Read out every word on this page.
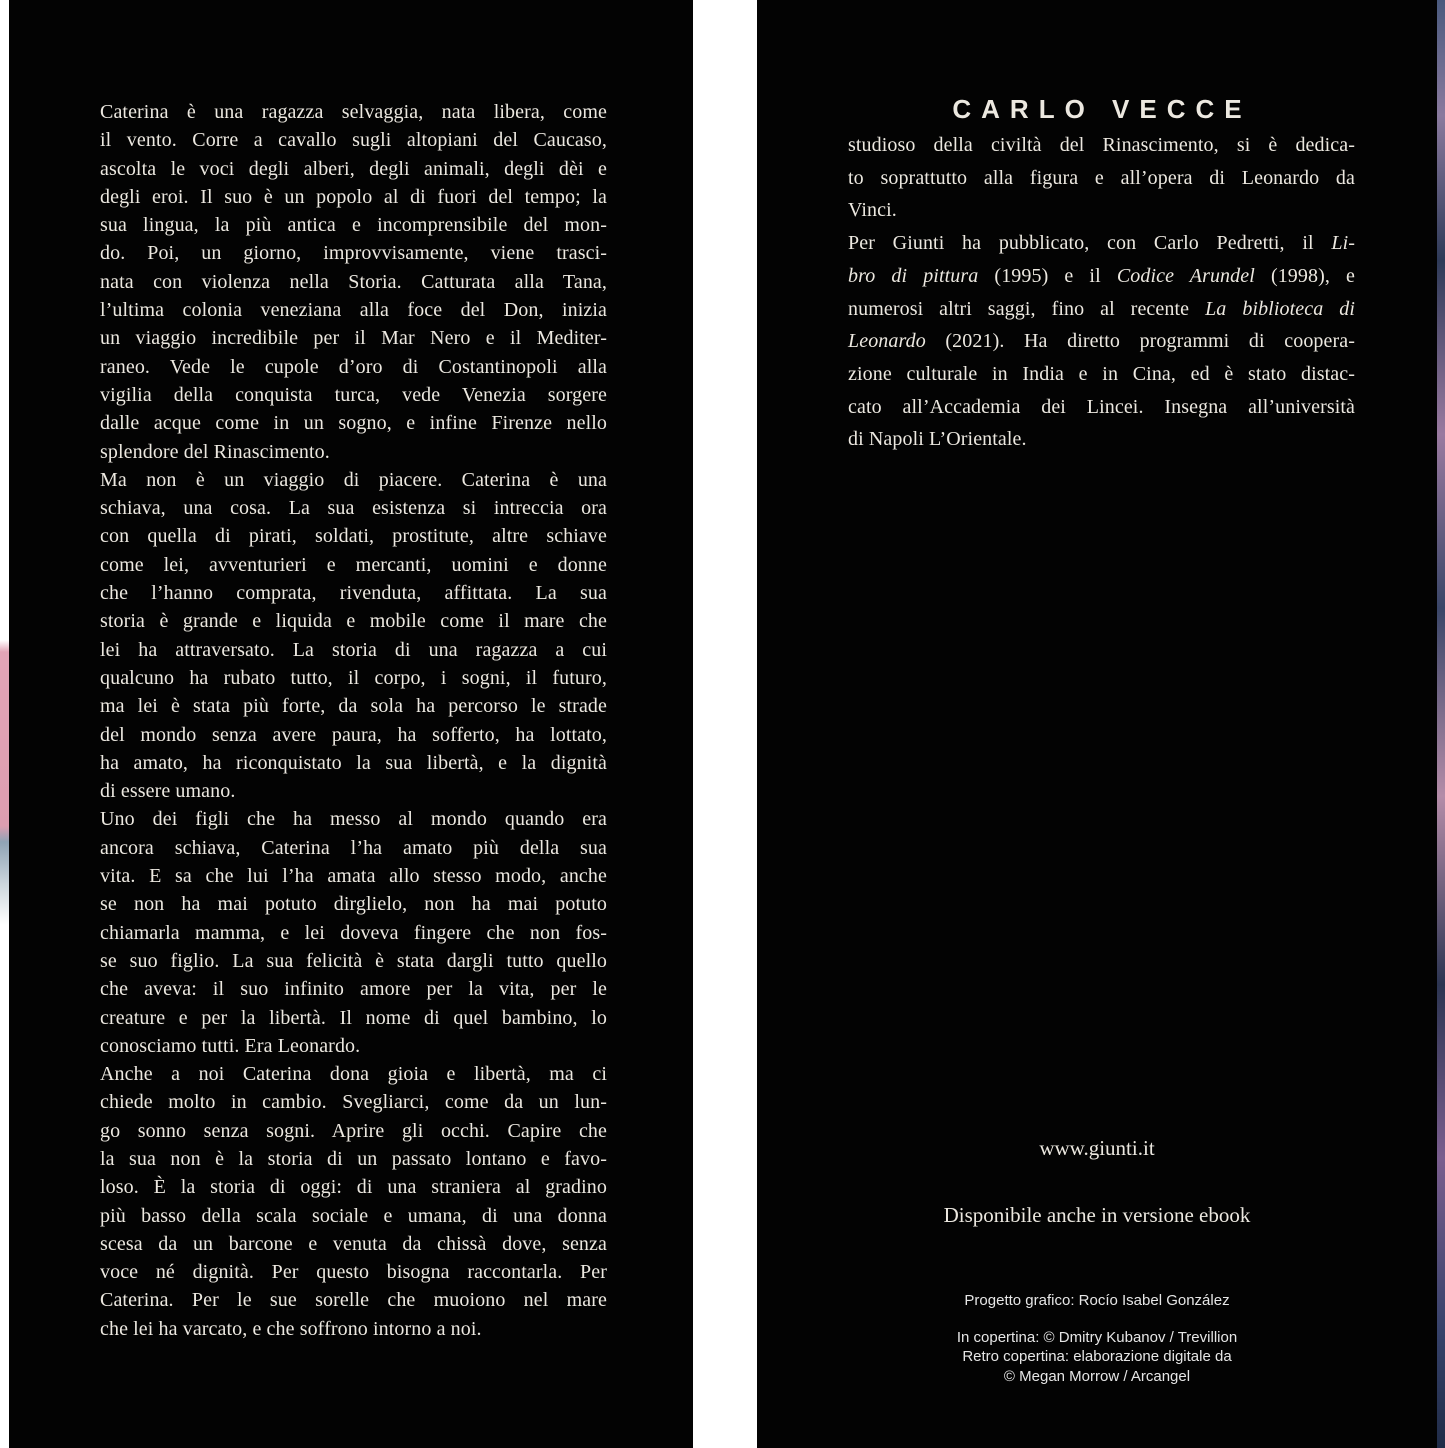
Caterina è una ragazza selvaggia, nata libera, come
il vento. Corre a cavallo sugli altopiani del Caucaso,
ascolta le voci degli alberi, degli animali, degli dèi e
degli eroi. Il suo è un popolo al di fuori del tempo; la
sua lingua, la più antica e incomprensibile del mon-
do. Poi, un giorno, improvvisamente, viene trasci-
nata con violenza nella Storia. Catturata alla Tana,
l’ultima colonia veneziana alla foce del Don, inizia
un viaggio incredibile per il Mar Nero e il Mediter-
raneo. Vede le cupole d’oro di Costantinopoli alla
vigilia della conquista turca, vede Venezia sorgere
dalle acque come in un sogno, e infine Firenze nello
splendore del Rinascimento.
Ma non è un viaggio di piacere. Caterina è una
schiava, una cosa. La sua esistenza si intreccia ora
con quella di pirati, soldati, prostitute, altre schiave
come lei, avventurieri e mercanti, uomini e donne
che l’hanno comprata, rivenduta, affittata. La sua
storia è grande e liquida e mobile come il mare che
lei ha attraversato. La storia di una ragazza a cui
qualcuno ha rubato tutto, il corpo, i sogni, il futuro,
ma lei è stata più forte, da sola ha percorso le strade
del mondo senza avere paura, ha sofferto, ha lottato,
ha amato, ha riconquistato la sua libertà, e la dignità
di essere umano.
Uno dei figli che ha messo al mondo quando era
ancora schiava, Caterina l’ha amato più della sua
vita. E sa che lui l’ha amata allo stesso modo, anche
se non ha mai potuto dirglielo, non ha mai potuto
chiamarla mamma, e lei doveva fingere che non fos-
se suo figlio. La sua felicità è stata dargli tutto quello
che aveva: il suo infinito amore per la vita, per le
creature e per la libertà. Il nome di quel bambino, lo
conosciamo tutti. Era Leonardo.
Anche a noi Caterina dona gioia e libertà, ma ci
chiede molto in cambio. Svegliarci, come da un lun-
go sonno senza sogni. Aprire gli occhi. Capire che
la sua non è la storia di un passato lontano e favo-
loso. È la storia di oggi: di una straniera al gradino
più basso della scala sociale e umana, di una donna
scesa da un barcone e venuta da chissà dove, senza
voce né dignità. Per questo bisogna raccontarla. Per
Caterina. Per le sue sorelle che muoiono nel mare
che lei ha varcato, e che soffrono intorno a noi.
CARLO VECCE
studioso della civiltà del Rinascimento, si è dedica-
to soprattutto alla figura e all’opera di Leonardo da
Vinci.
Per Giunti ha pubblicato, con Carlo Pedretti, il Li-
bro di pittura (1995) e il Codice Arundel (1998), e
numerosi altri saggi, fino al recente La biblioteca di
Leonardo (2021). Ha diretto programmi di coopera-
zione culturale in India e in Cina, ed è stato distac-
cato all’Accademia dei Lincei. Insegna all’università
di Napoli L’Orientale.
www.giunti.it
Disponibile anche in versione ebook
Progetto grafico: Rocío Isabel González
In copertina: © Dmitry Kubanov / Trevillion
Retro copertina: elaborazione digitale da
© Megan Morrow / Arcangel
